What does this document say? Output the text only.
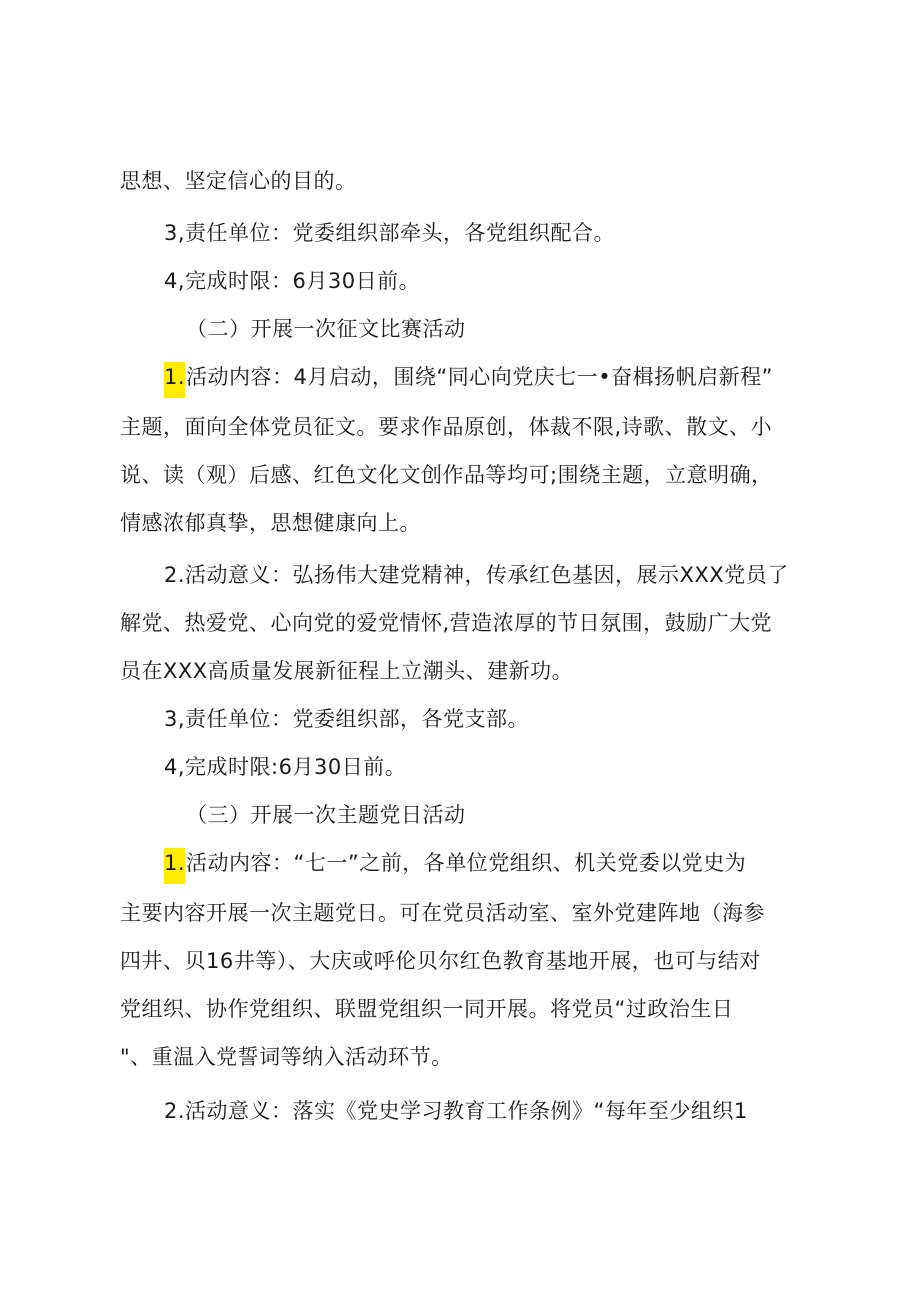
思想、坚定信心的目的。
3,责任单位：党委组织部牵头，各党组织配合。
4,完成时限：6月30日前。
（二）开展一次征文比赛活动
1.活动内容：4月启动，围绕“同心向党庆七一•奋楫扬帆启新程”
主题，面向全体党员征文。要求作品原创，体裁不限,诗歌、散文、小
说、读（观）后感、红色文化文创作品等均可;围绕主题，立意明确，
情感浓郁真挚，思想健康向上。
2.活动意义：弘扬伟大建党精神，传承红色基因，展示XXX党员了
解党、热爱党、心向党的爱党情怀,营造浓厚的节日氛围，鼓励广大党
员在XXX高质量发展新征程上立潮头、建新功。
3,责任单位：党委组织部，各党支部。
4,完成时限:6月30日前。
（三）开展一次主题党日活动
1.活动内容：“七一”之前，各单位党组织、机关党委以党史为
主要内容开展一次主题党日。可在党员活动室、室外党建阵地（海参
四井、贝16井等）、大庆或呼伦贝尔红色教育基地开展，也可与结对
党组织、协作党组织、联盟党组织一同开展。将党员“过政治生日
"、重温入党誓词等纳入活动环节。
2.活动意义：落实《党史学习教育工作条例》“每年至少组织1
